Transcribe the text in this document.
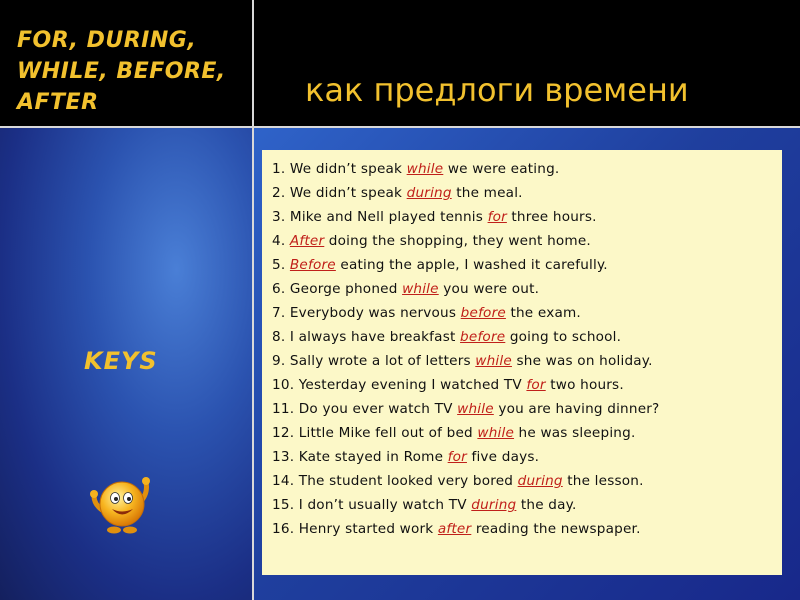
FOR, DURING, WHILE, BEFORE, AFTER	как предлоги времени
KEYS
1. We didn’t speak while we were eating.
2. We didn’t speak during the meal.
3. Mike and Nell played tennis for three hours.
4. After doing the shopping, they went home.
5. Before eating the apple, I washed it carefully.
6. George phoned while you were out.
7. Everybody was nervous before the exam.
8. I always have breakfast before going to school.
9. Sally wrote a lot of letters while she was on holiday.
10. Yesterday evening I watched TV for two hours.
11. Do you ever watch TV while you are having dinner?
12. Little Mike fell out of bed while he was sleeping.
13. Kate stayed in Rome for five days.
14. The student looked very bored during the lesson.
15. I don’t usually watch TV during the day.
16. Henry started work after reading the newspaper.
